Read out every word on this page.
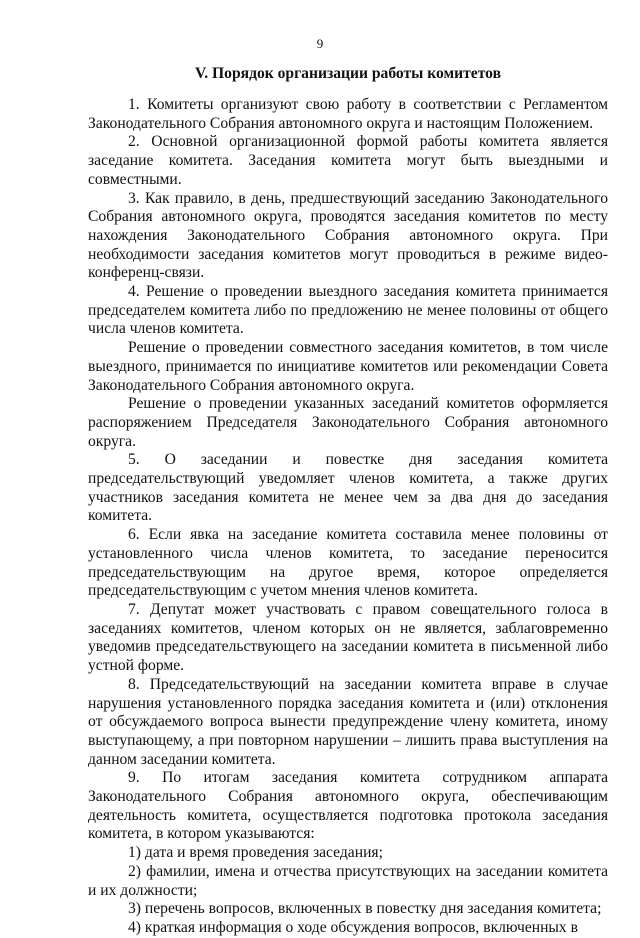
9
V. Порядок организации работы комитетов

1. Комитеты организуют свою работу в соответствии с Регламентом Законодательного Собрания автономного округа и настоящим Положением.

2. Основной организационной формой работы комитета является заседание комитета. Заседания комитета могут быть выездными и совместными.

3. Как правило, в день, предшествующий заседанию Законодательного Собрания автономного округа, проводятся заседания комитетов по месту нахождения Законодательного Собрания автономного округа. При необходимости заседания комитетов могут проводиться в режиме видео-конференц-связи.

4. Решение о проведении выездного заседания комитета принимается председателем комитета либо по предложению не менее половины от общего числа членов комитета.

Решение о проведении совместного заседания комитетов, в том числе выездного, принимается по инициативе комитетов или рекомендации Совета Законодательного Собрания автономного округа.

Решение о проведении указанных заседаний комитетов оформляется распоряжением Председателя Законодательного Собрания автономного округа.

5. О заседании и повестке дня заседания комитета председательствующий уведомляет членов комитета, а также других участников заседания комитета не менее чем за два дня до заседания комитета.

6. Если явка на заседание комитета составила менее половины от установленного числа членов комитета, то заседание переносится председательствующим на другое время, которое определяется председательствующим с учетом мнения членов комитета.

7. Депутат может участвовать с правом совещательного голоса в заседаниях комитетов, членом которых он не является, заблаговременно уведомив председательствующего на заседании комитета в письменной либо устной форме.

8. Председательствующий на заседании комитета вправе в случае нарушения установленного порядка заседания комитета и (или) отклонения от обсуждаемого вопроса вынести предупреждение члену комитета, иному выступающему, а при повторном нарушении – лишить права выступления на данном заседании комитета.

9. По итогам заседания комитета сотрудником аппарата Законодательного Собрания автономного округа, обеспечивающим деятельность комитета, осуществляется подготовка протокола заседания комитета, в котором указываются:

1) дата и время проведения заседания;

2) фамилии, имена и отчества присутствующих на заседании комитета и их должности;

3) перечень вопросов, включенных в повестку дня заседания комитета;

4) краткая информация о ходе обсуждения вопросов, включенных в
